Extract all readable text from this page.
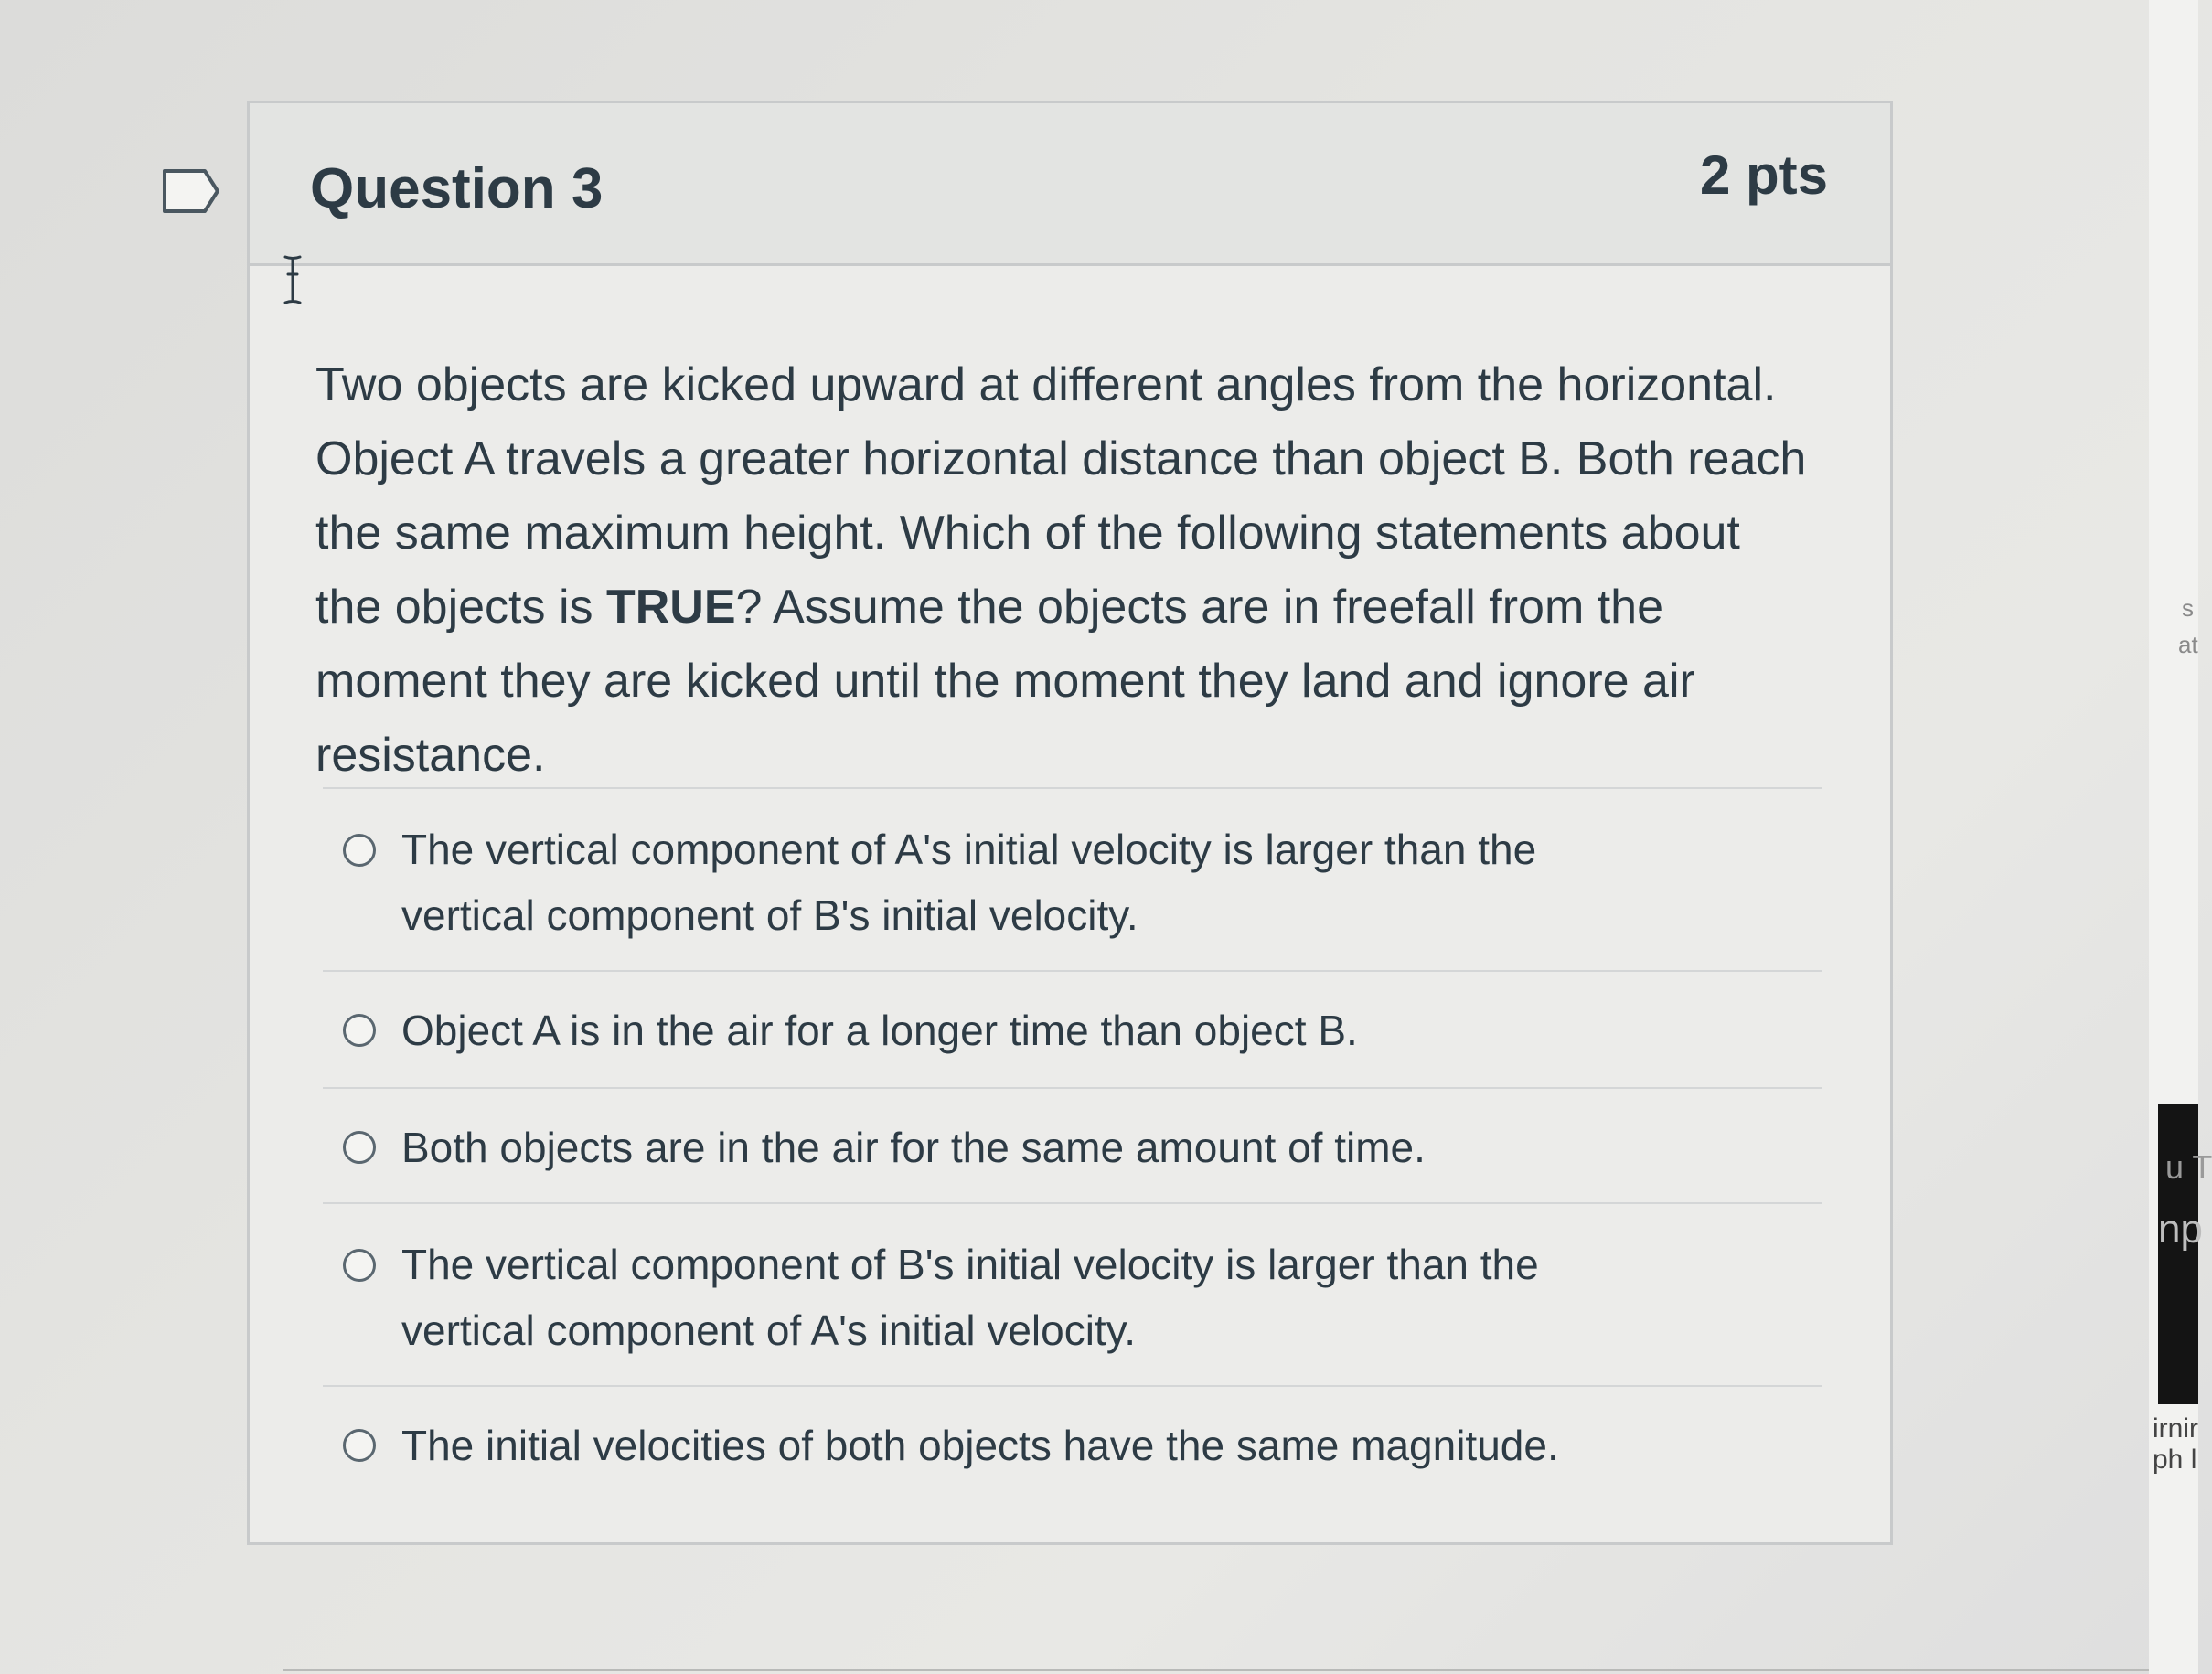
Question 3	2 pts

Two objects are kicked upward at different angles from the horizontal. Object A travels a greater horizontal distance than object B. Both reach the same maximum height. Which of the following statements about the objects is TRUE? Assume the objects are in freefall from the moment they are kicked until the moment they land and ignore air resistance.

The vertical component of A's initial velocity is larger than the vertical component of B's initial velocity.
Object A is in the air for a longer time than object B.
Both objects are in the air for the same amount of time.
The vertical component of B's initial velocity is larger than the vertical component of A's initial velocity.
The initial velocities of both objects have the same magnitude.
s
at
u T
np
irnir
ph l
